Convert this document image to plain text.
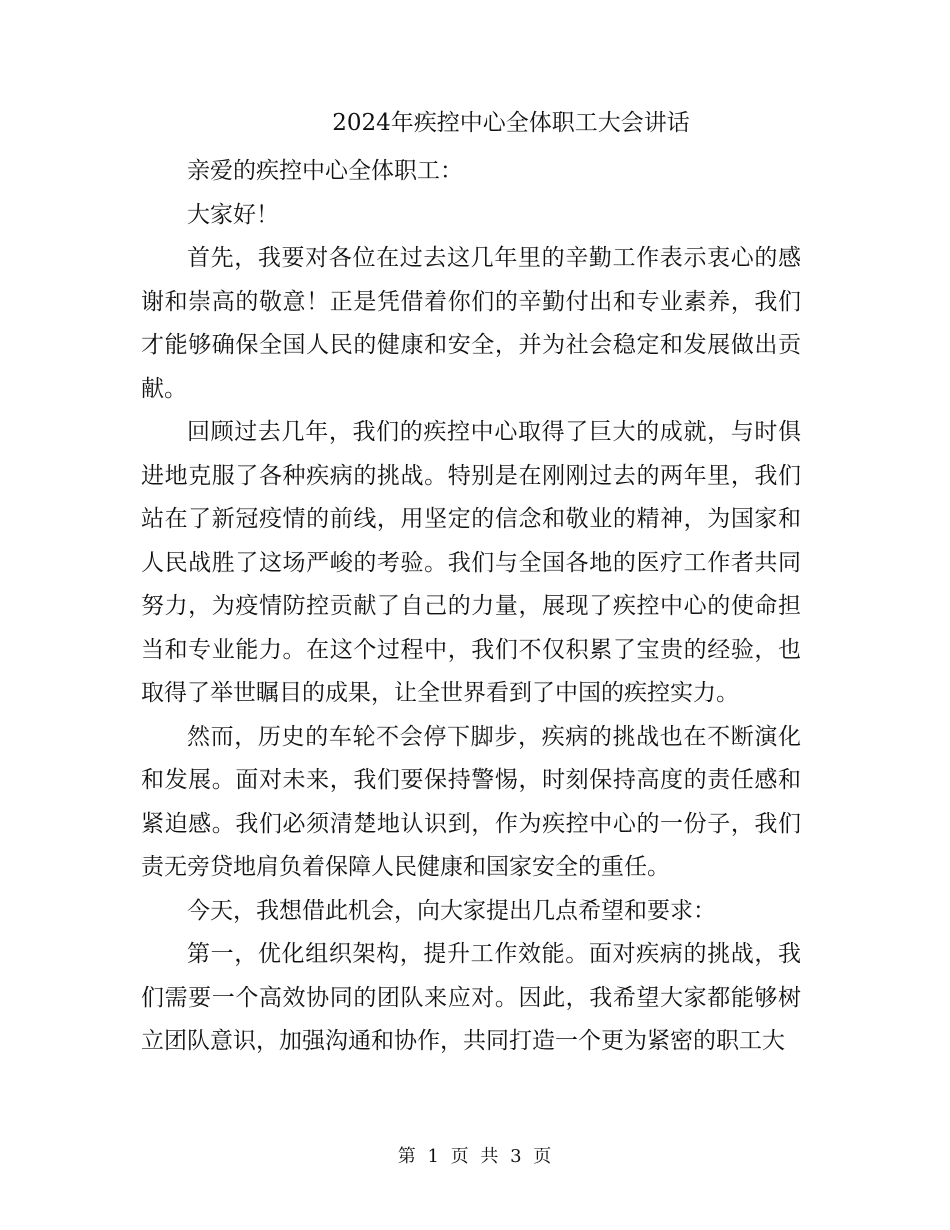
2024年疾控中心全体职工大会讲话

亲爱的疾控中心全体职工：

大家好！

首先，我要对各位在过去这几年里的辛勤工作表示衷心的感谢和崇高的敬意！正是凭借着你们的辛勤付出和专业素养，我们才能够确保全国人民的健康和安全，并为社会稳定和发展做出贡献。

回顾过去几年，我们的疾控中心取得了巨大的成就，与时俱进地克服了各种疾病的挑战。特别是在刚刚过去的两年里，我们站在了新冠疫情的前线，用坚定的信念和敬业的精神，为国家和人民战胜了这场严峻的考验。我们与全国各地的医疗工作者共同努力，为疫情防控贡献了自己的力量，展现了疾控中心的使命担当和专业能力。在这个过程中，我们不仅积累了宝贵的经验，也取得了举世瞩目的成果，让全世界看到了中国的疾控实力。

然而，历史的车轮不会停下脚步，疾病的挑战也在不断演化和发展。面对未来，我们要保持警惕，时刻保持高度的责任感和紧迫感。我们必须清楚地认识到，作为疾控中心的一份子，我们责无旁贷地肩负着保障人民健康和国家安全的重任。

今天，我想借此机会，向大家提出几点希望和要求：

第一，优化组织架构，提升工作效能。面对疾病的挑战，我们需要一个高效协同的团队来应对。因此，我希望大家都能够树立团队意识，加强沟通和协作，共同打造一个更为紧密的职工大

第 1 页 共 3 页
